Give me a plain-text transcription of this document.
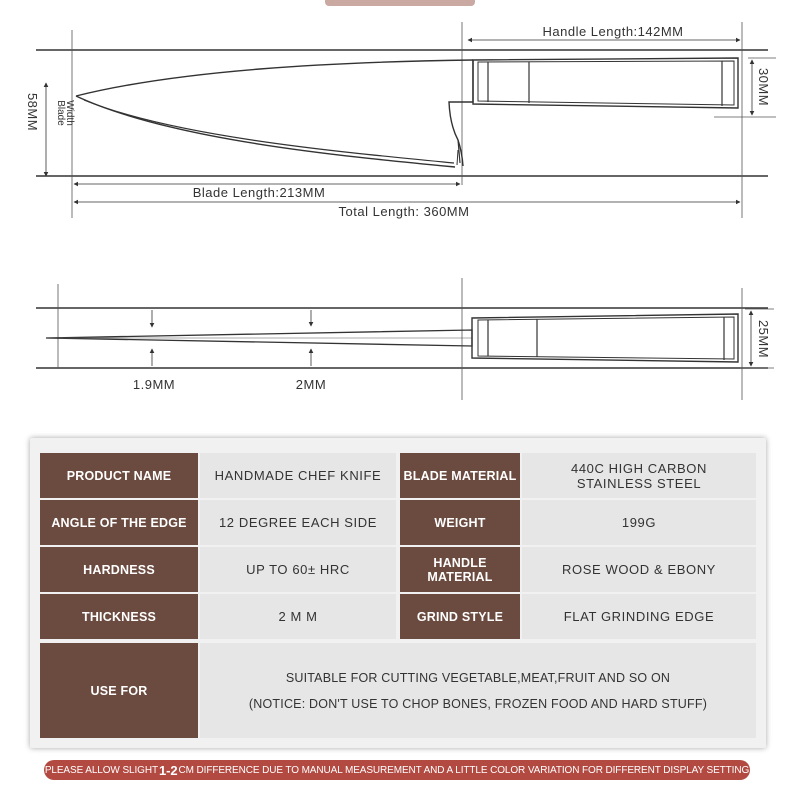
Handle Length:142MM
30MM
58MM Blade
Width
Blade Length:213MM
Total Length: 360MM
1.9MM	2MM
25MM
PRODUCT NAME	HANDMADE CHEF KNIFE	BLADE MATERIAL	440C HIGH CARBON
STAINLESS STEEL
ANGLE OF THE EDGE	12 DEGREE EACH SIDE	WEIGHT	199G
HARDNESS	UP TO 60± HRC	HANDLE MATERIAL	ROSE WOOD & EBONY
THICKNESS	2 M M	GRIND STYLE	FLAT GRINDING EDGE
USE FOR
SUITABLE FOR CUTTING VEGETABLE,MEAT,FRUIT AND SO ON
(NOTICE: DON'T USE TO CHOP BONES, FROZEN FOOD AND HARD STUFF)
PLEASE ALLOW SLIGHT 1-2 CM DIFFERENCE DUE TO MANUAL MEASUREMENT AND A LITTLE COLOR VARIATION FOR DIFFERENT DISPLAY SETTING
